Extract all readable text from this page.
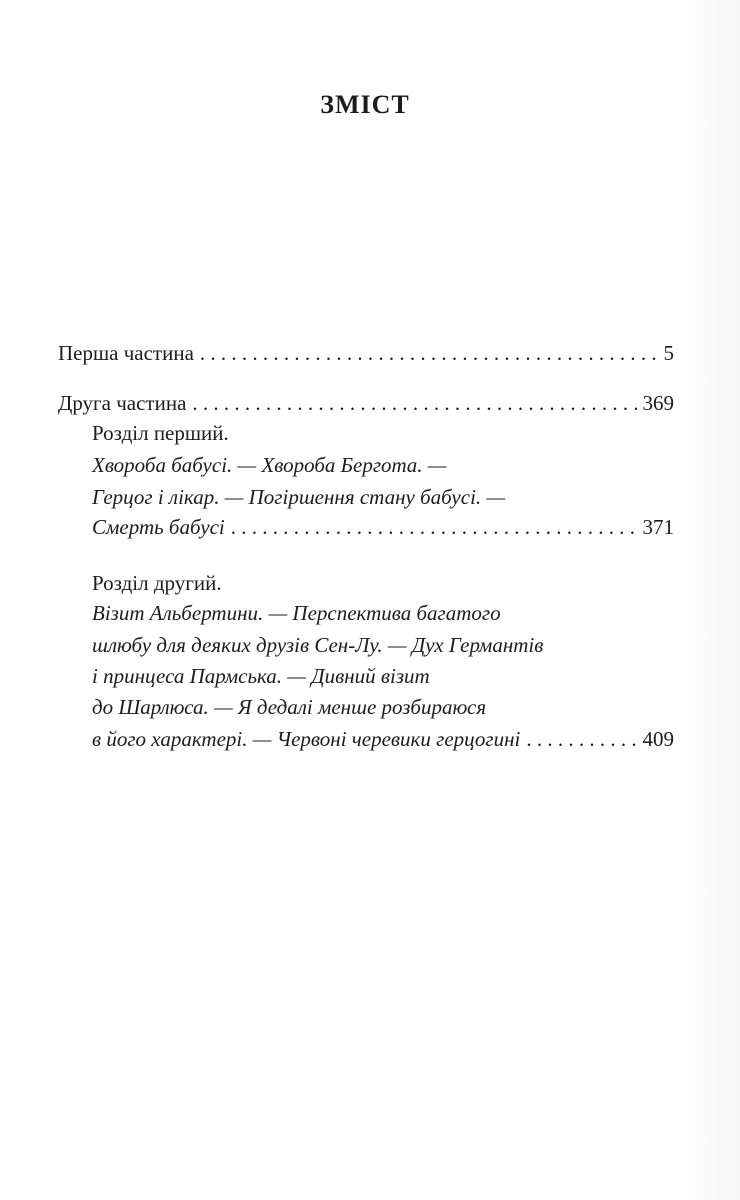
ЗМІСТ
Перша частина . . .	5
Друга частина . . .	369
Розділ перший.
Хвороба бабусі. — Хвороба Берготa. —
Герцог і лікар. — Погіршення стану бабусі. —
Смерть бабусі . . .	371
Розділ другий.
Візит Альбертини. — Перспектива багатого
шлюбу для деяких друзів Сен-Лу. — Дух Германтів
і принцеса Пармська. — Дивний візит
до Шарлюса. — Я дедалі менше розбираюся
в його характері. — Червоні черевики герцогині . . .	409
